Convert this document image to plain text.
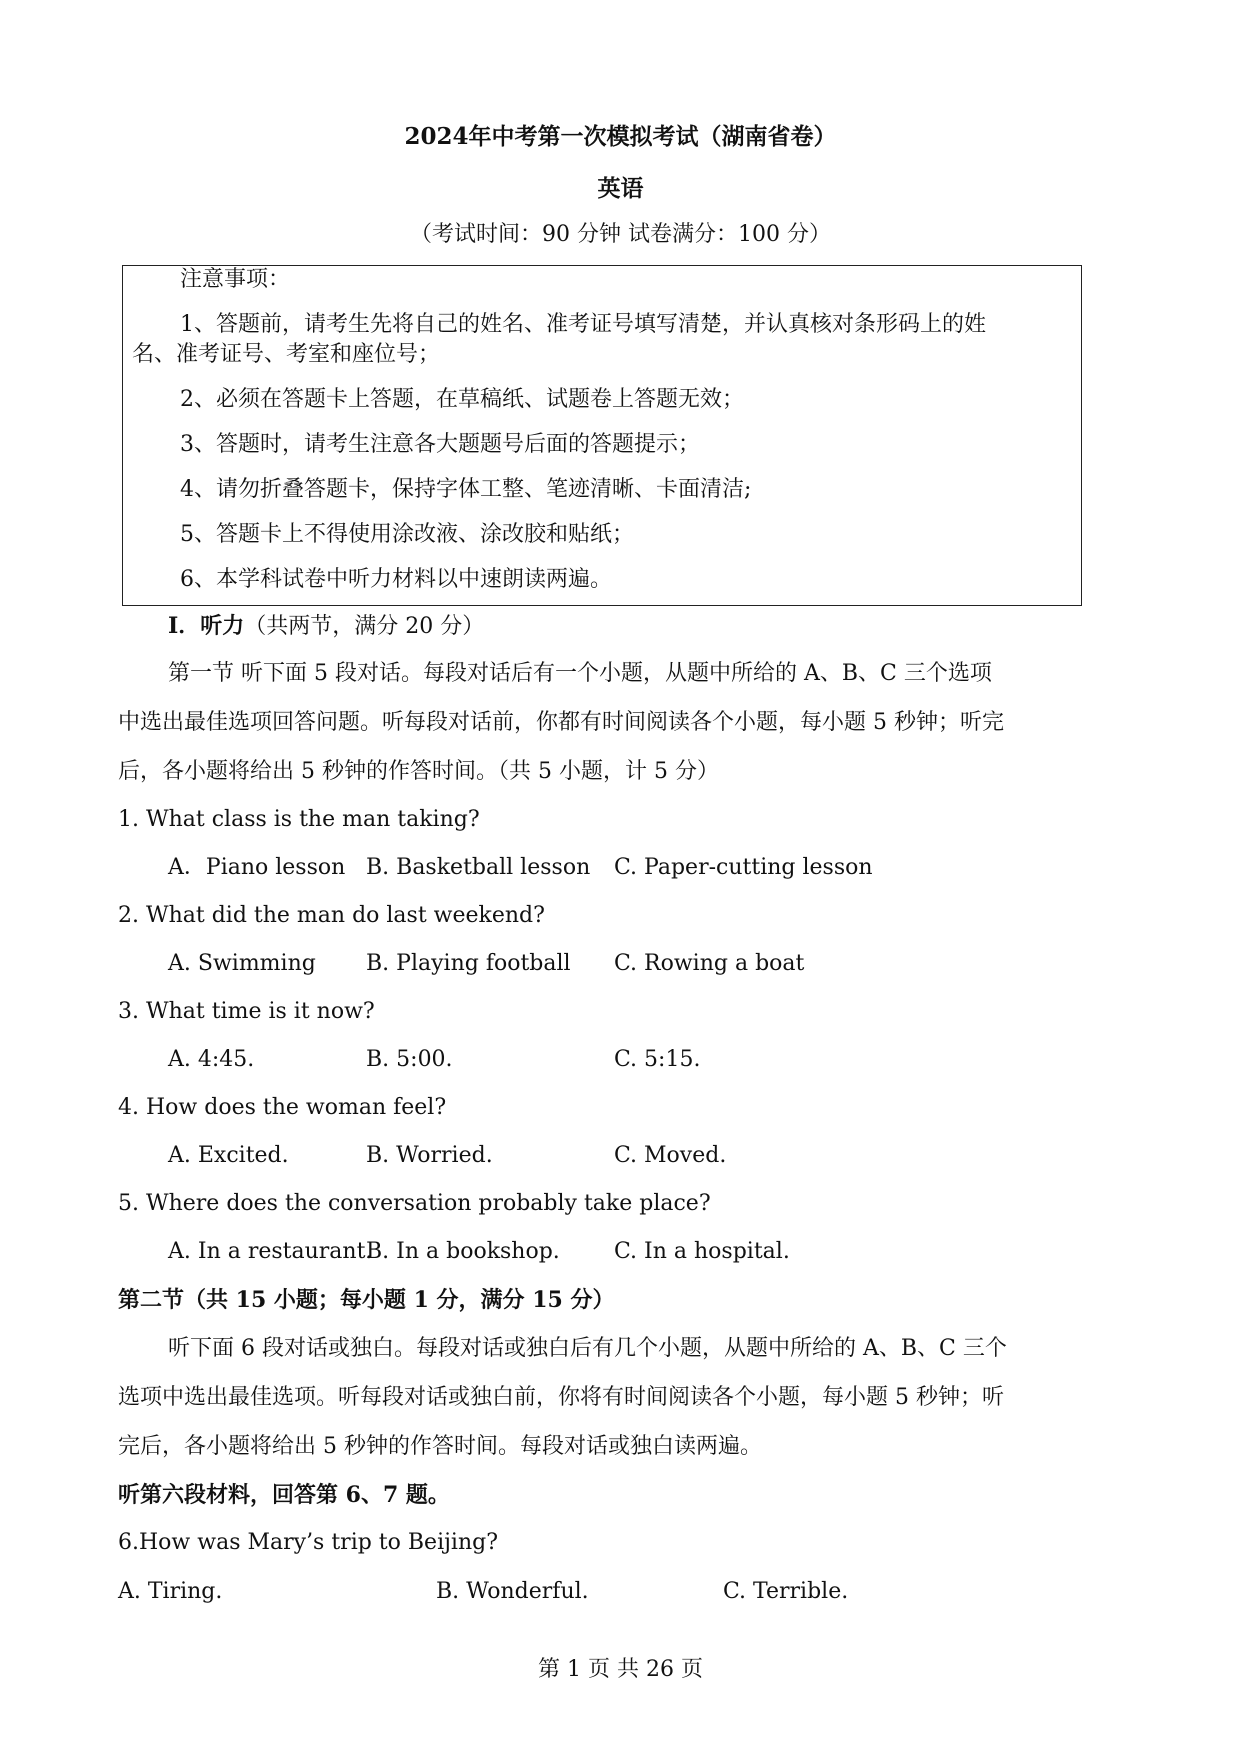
2024年中考第一次模拟考试（湖南省卷）
英语
（考试时间：90 分钟 试卷满分：100 分）
注意事项：
1、答题前，请考生先将自己的姓名、准考证号填写清楚，并认真核对条形码上的姓
名、准考证号、考室和座位号；
2、必须在答题卡上答题，在草稿纸、试题卷上答题无效；
3、答题时，请考生注意各大题题号后面的答题提示；
4、请勿折叠答题卡，保持字体工整、笔迹清晰、卡面清洁;
5、答题卡上不得使用涂改液、涂改胶和贴纸；
6、本学科试卷中听力材料以中速朗读两遍。
I．听力（共两节，满分 20 分）
第一节 听下面 5 段对话。每段对话后有一个小题，从题中所给的 A、B、C 三个选项
中选出最佳选项回答问题。听每段对话前，你都有时间阅读各个小题，每小题 5 秒钟；听完
后，各小题将给出 5 秒钟的作答时间。（共 5 小题，计 5 分）
1. What class is the man taking?
A．Piano lesson B. Basketball lesson C. Paper-cutting lesson
2. What did the man do last weekend?
A. Swimming B. Playing football C. Rowing a boat
3. What time is it now?
A. 4:45.	B. 5:00.	C. 5:15.
4. How does the woman feel?
A. Excited.	B. Worried.	C. Moved.
5. Where does the conversation probably take place?
A. In a restaurant.
B. In a bookshop. C. In a hospital.
第二节（共 15 小题；每小题 1 分，满分 15 分）
听下面 6 段对话或独白。每段对话或独白后有几个小题，从题中所给的 A、B、C 三个
选项中选出最佳选项。听每段对话或独白前，你将有时间阅读各个小题，每小题 5 秒钟；听
完后，各小题将给出 5 秒钟的作答时间。每段对话或独白读两遍。
听第六段材料，回答第 6、7 题。
6.How was Mary’s trip to Beijing?
A. Tiring.	B. Wonderful.	C. Terrible.
第 1 页 共 26 页
